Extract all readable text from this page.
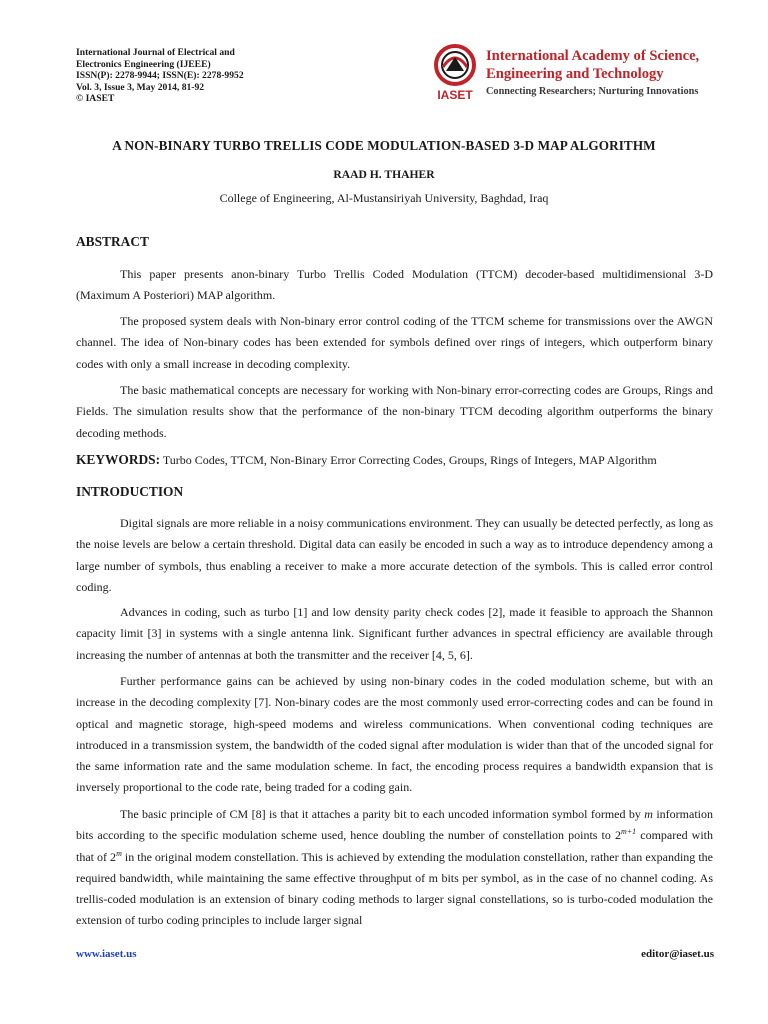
International Journal of Electrical and
Electronics Engineering (IJEEE)
ISSN(P): 2278-9944; ISSN(E): 2278-9952
Vol. 3, Issue 3, May 2014, 81-92
© IASET	IASET
International Academy of Science,
Engineering and Technology
Connecting Researchers; Nurturing Innovations
A NON-BINARY TURBO TRELLIS CODE MODULATION-BASED 3-D MAP ALGORITHM
RAAD H. THAHER
College of Engineering, Al-Mustansiriyah University, Baghdad, Iraq
ABSTRACT

This paper presents anon-binary Turbo Trellis Coded Modulation (TTCM) decoder-based multidimensional 3-D (Maximum A Posteriori) MAP algorithm.

The proposed system deals with Non-binary error control coding of the TTCM scheme for transmissions over the AWGN channel. The idea of Non-binary codes has been extended for symbols defined over rings of integers, which outperform binary codes with only a small increase in decoding complexity.

The basic mathematical concepts are necessary for working with Non-binary error-correcting codes are Groups, Rings and Fields. The simulation results show that the performance of the non-binary TTCM decoding algorithm outperforms the binary decoding methods.

KEYWORDS: Turbo Codes, TTCM, Non-Binary Error Correcting Codes, Groups, Rings of Integers, MAP Algorithm
INTRODUCTION

Digital signals are more reliable in a noisy communications environment. They can usually be detected perfectly, as long as the noise levels are below a certain threshold. Digital data can easily be encoded in such a way as to introduce dependency among a large number of symbols, thus enabling a receiver to make a more accurate detection of the symbols. This is called error control coding.

Advances in coding, such as turbo [1] and low density parity check codes [2], made it feasible to approach the Shannon capacity limit [3] in systems with a single antenna link. Significant further advances in spectral efficiency are available through increasing the number of antennas at both the transmitter and the receiver [4, 5, 6].

Further performance gains can be achieved by using non-binary codes in the coded modulation scheme, but with an increase in the decoding complexity [7]. Non-binary codes are the most commonly used error-correcting codes and can be found in optical and magnetic storage, high-speed modems and wireless communications. When conventional coding techniques are introduced in a transmission system, the bandwidth of the coded signal after modulation is wider than that of the uncoded signal for the same information rate and the same modulation scheme. In fact, the encoding process requires a bandwidth expansion that is inversely proportional to the code rate, being traded for a coding gain.

The basic principle of CM [8] is that it attaches a parity bit to each uncoded information symbol formed by m information bits according to the specific modulation scheme used, hence doubling the number of constellation points to $2^{m+1}$ compared with that of 2$^m$ in the original modem constellation. This is achieved by extending the modulation constellation, rather than expanding the required bandwidth, while maintaining the same effective throughput of m bits per symbol, as in the case of no channel coding. As trellis-coded modulation is an extension of binary coding methods to larger signal constellations, so is turbo-coded modulation the extension of turbo coding principles to include larger signal

www.iaset.us	editor@iaset.us
